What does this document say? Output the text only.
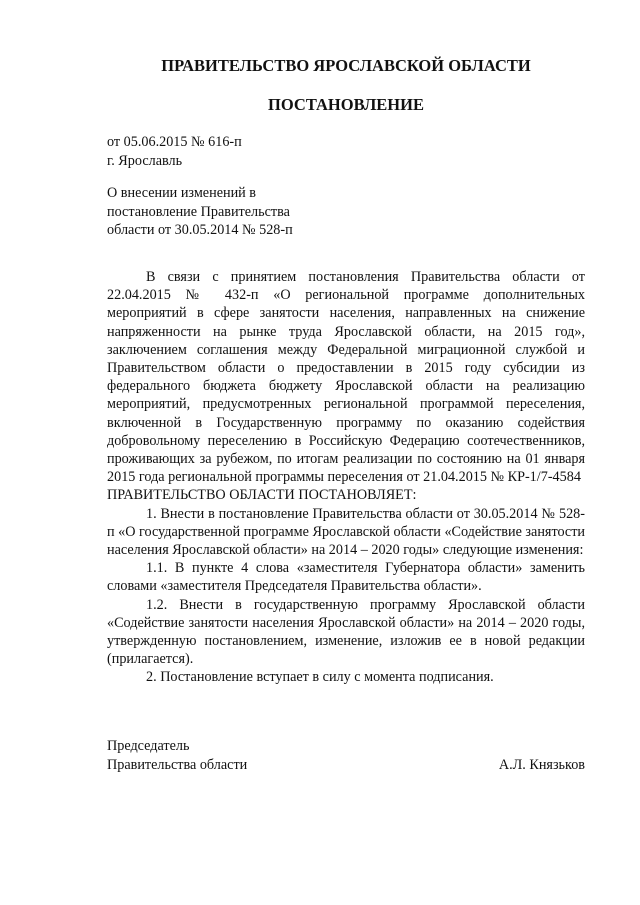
ПРАВИТЕЛЬСТВО ЯРОСЛАВСКОЙ ОБЛАСТИ
ПОСТАНОВЛЕНИЕ
от 05.06.2015 № 616-п
г. Ярославль
О внесении изменений в
постановление Правительства
области от 30.05.2014 № 528-п

В связи с принятием постановления Правительства области от 22.04.2015 № 432-п «О региональной программе дополнительных мероприятий в сфере занятости населения, направленных на снижение напряженности на рынке труда Ярославской области, на 2015 год», заключением соглашения между Федеральной миграционной службой и Правительством области о предоставлении в 2015 году субсидии из федерального бюджета бюджету Ярославской области на реализацию мероприятий, предусмотренных региональной программой переселения, включенной в Государственную программу по оказанию содействия добровольному переселению в Российскую Федерацию соотечественников, проживающих за рубежом, по итогам реализации по состоянию на 01 января 2015 года региональной программы переселения от 21.04.2015 № КР-1/7-4584

ПРАВИТЕЛЬСТВО ОБЛАСТИ ПОСТАНОВЛЯЕТ:

1. Внести в постановление Правительства области от 30.05.2014 № 528-п «О государственной программе Ярославской области «Содействие занятости населения Ярославской области» на 2014 – 2020 годы» следующие изменения:

1.1. В пункте 4 слова «заместителя Губернатора области» заменить словами «заместителя Председателя Правительства области».

1.2. Внести в государственную программу Ярославской области «Содействие занятости населения Ярославской области» на 2014 – 2020 годы, утвержденную постановлением, изменение, изложив ее в новой редакции (прилагается).

2. Постановление вступает в силу с момента подписания.

Председатель
Правительства области	А.Л. Князьков
